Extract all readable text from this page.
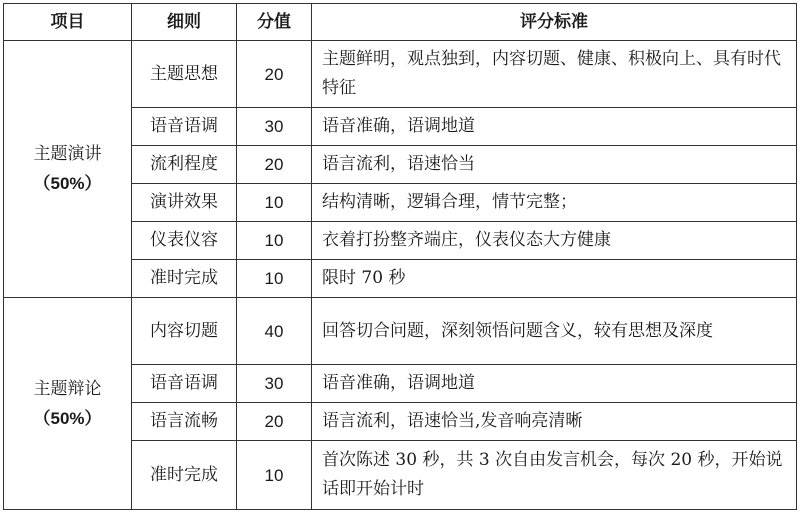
项目	细则	分值	评分标准

主题演讲
（50%）	主题思想	20	主题鲜明，观点独到，内容切题、健康、积极向上、具有时代特征
	语音语调	30	语音准确，语调地道
	流利程度	20	语言流利，语速恰当
	演讲效果	10	结构清晰，逻辑合理，情节完整；
	仪表仪容	10	衣着打扮整齐端庄，仪表仪态大方健康
	准时完成	10	限时 70 秒

主题辩论
（50%）	内容切题	40	回答切合问题，深刻领悟问题含义，较有思想及深度
	语音语调	30	语音准确，语调地道
	语言流畅	20	语言流利，语速恰当,发音响亮清晰
	准时完成	10	首次陈述 30 秒，共 3 次自由发言机会，每次 20 秒，开始说话即开始计时
